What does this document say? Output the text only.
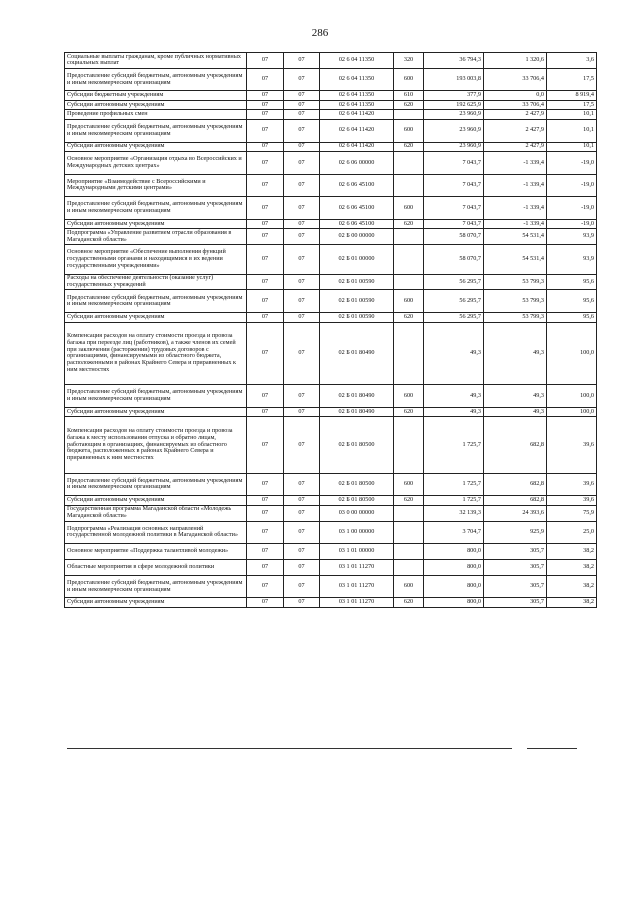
286
Социальные выплаты гражданам, кроме публичных нормативных социальных выплат	07	07	02 6 04 11350	320	36 794,3	1 320,6	3,6
Предоставление субсидий бюджетным, автономным учреждениям и иным некоммерческим организациям	07	07	02 6 04 11350	600	193 003,8	33 706,4	17,5
Субсидии бюджетным учреждениям	07	07	02 6 04 11350	610	377,9	0,0	8 919,4
Субсидии автономным учреждениям	07	07	02 6 04 11350	620	192 625,9	33 706,4	17,5
Проведение профильных смен	07	07	02 6 04 11420		23 960,9	2 427,9	10,1
Предоставление субсидий бюджетным, автономным учреждениям и иным некоммерческим организациям	07	07	02 6 04 11420	600	23 960,9	2 427,9	10,1
Субсидии автономным учреждениям	07	07	02 6 04 11420	620	23 960,9	2 427,9	10,1
Основное мероприятие «Организация отдыха во Всероссийских и Международных детских центрах»	07	07	02 6 06 00000		7 043,7	-1 339,4	-19,0
Мероприятие «Взаимодействие с Всероссийскими и Международными детскими центрами»	07	07	02 6 06 45100		7 043,7	-1 339,4	-19,0
Предоставление субсидий бюджетным, автономным учреждениям и иным некоммерческим организациям	07	07	02 6 06 45100	600	7 043,7	-1 339,4	-19,0
Субсидии автономным учреждениям	07	07	02 6 06 45100	620	7 043,7	-1 339,4	-19,0
Подпрограмма «Управление развитием отрасли образования в Магаданской области»	07	07	02 Б 00 00000		58 070,7	54 531,4	93,9
Основное мероприятие «Обеспечение выполнения функций государственными органами и находящимися в их ведении государственными учреждениями»	07	07	02 Б 01 00000		58 070,7	54 531,4	93,9
Расходы на обеспечение деятельности (оказание услуг) государственных учреждений	07	07	02 Б 01 00590		56 295,7	53 799,3	95,6
Предоставление субсидий бюджетным, автономным учреждениям и иным некоммерческим организациям	07	07	02 Б 01 00590	600	56 295,7	53 799,3	95,6
Субсидии автономным учреждениям	07	07	02 Б 01 00590	620	56 295,7	53 799,3	95,6
Компенсация расходов на оплату стоимости проезда и провоза багажа при переезде лиц (работников), а также членов их семей при заключении (расторжении) трудовых договоров с организациями, финансируемыми из областного бюджета, расположенными в районах Крайнего Севера и приравненных к ним местностях	07	07	02 Б 01 80490		49,3	49,3	100,0
Предоставление субсидий бюджетным, автономным учреждениям и иным некоммерческим организациям	07	07	02 Б 01 80490	600	49,3	49,3	100,0
Субсидии автономным учреждениям	07	07	02 Б 01 80490	620	49,3	49,3	100,0
Компенсация расходов на оплату стоимости проезда и провоза багажа к месту использования отпуска и обратно лицам, работающим в организациях, финансируемых из областного бюджета, расположенных в районах Крайнего Севера и приравненных к ним местностях	07	07	02 Б 01 80500		1 725,7	682,8	39,6
Предоставление субсидий бюджетным, автономным учреждениям и иным некоммерческим организациям	07	07	02 Б 01 80500	600	1 725,7	682,8	39,6
Субсидии автономным учреждениям	07	07	02 Б 01 80500	620	1 725,7	682,8	39,6
Государственная программа Магаданской области «Молодежь Магаданской области»	07	07	03 0 00 00000		32 139,3	24 393,6	75,9
Подпрограмма «Реализация основных направлений государственной молодежной политики в Магаданской области»	07	07	03 1 00 00000		3 704,7	925,9	25,0
Основное мероприятие «Поддержка талантливой молодежи»	07	07	03 1 01 00000		800,0	305,7	38,2
Областные мероприятия в сфере молодежной политики	07	07	03 1 01 11270		800,0	305,7	38,2
Предоставление субсидий бюджетным, автономным учреждениям и иным некоммерческим организациям	07	07	03 1 01 11270	600	800,0	305,7	38,2
Субсидии автономным учреждениям	07	07	03 1 01 11270	620	800,0	305,7	38,2
